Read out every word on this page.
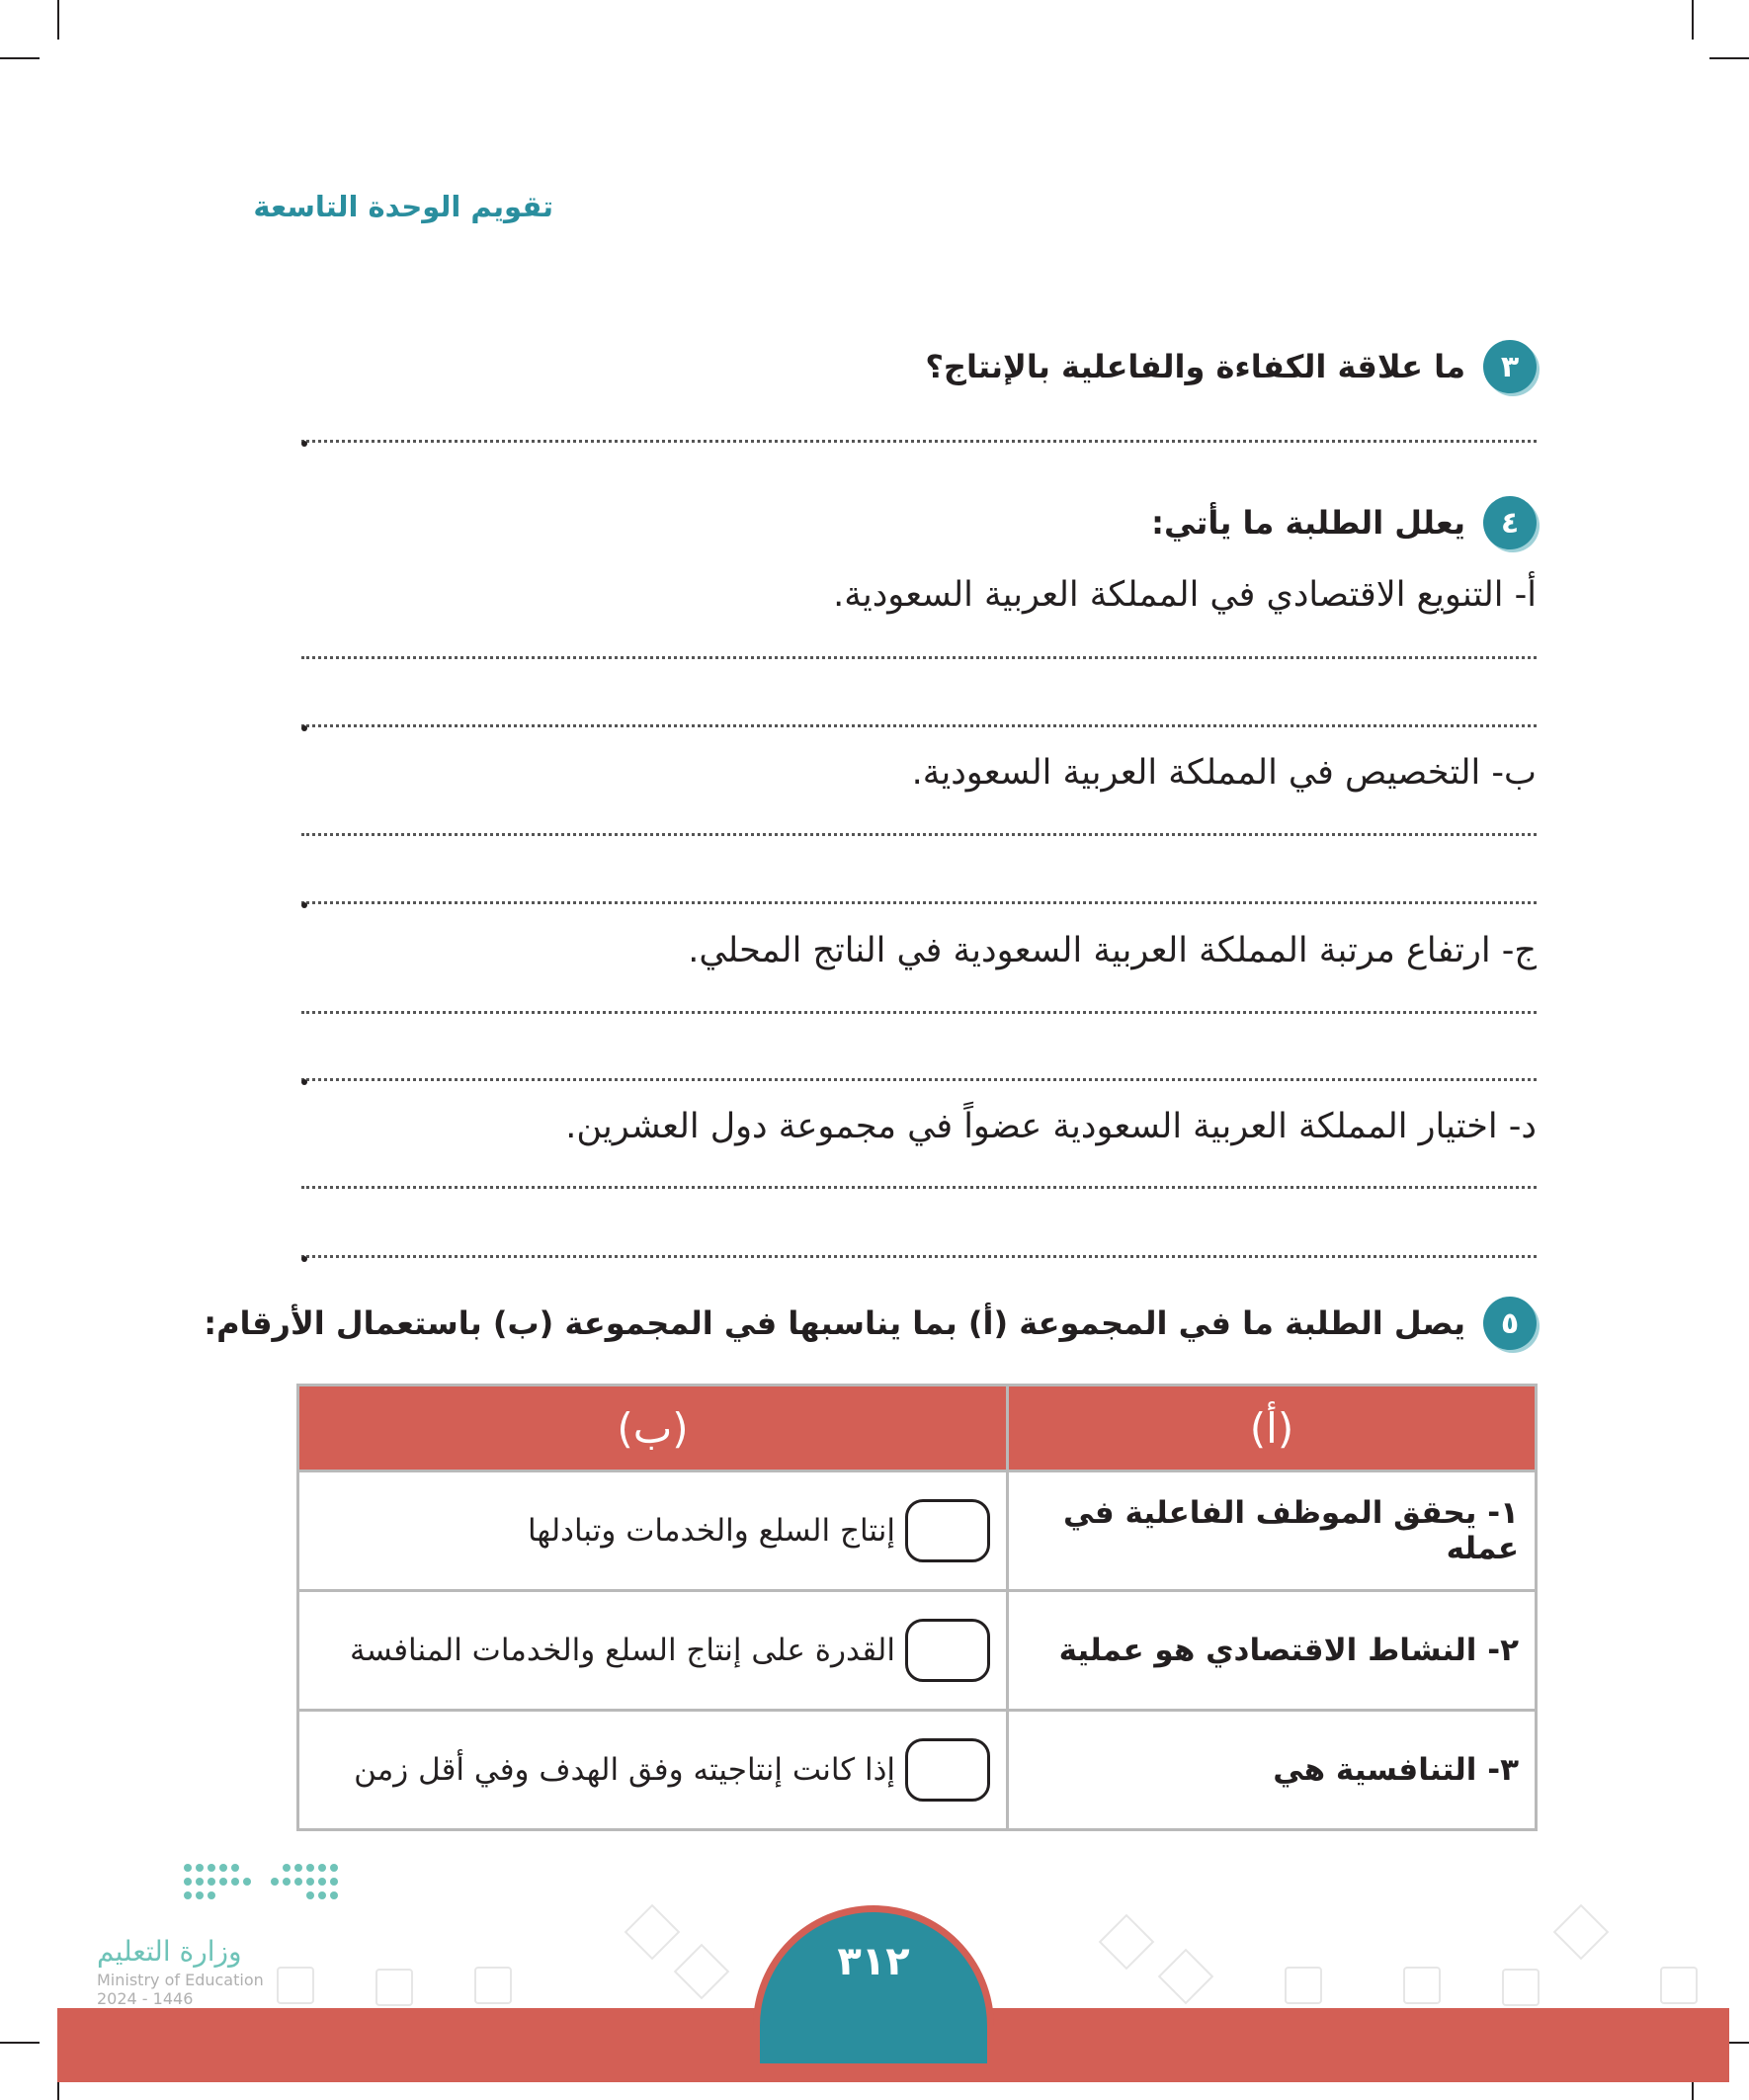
تقويم الوحدة التاسعة
٣
ما علاقة الكفاءة والفاعلية بالإنتاج؟
٤
يعلل الطلبة ما يأتي:
أ- التنويع الاقتصادي في المملكة العربية السعودية.
ب- التخصيص في المملكة العربية السعودية.
ج- ارتفاع مرتبة المملكة العربية السعودية في الناتج المحلي.
د- اختيار المملكة العربية السعودية عضواً في مجموعة دول العشرين.
٥
يصل الطلبة ما في المجموعة (أ) بما يناسبها في المجموعة (ب) باستعمال الأرقام:
(أ)	(ب)
١- يحقق الموظف الفاعلية في عمله	إنتاج السلع والخدمات وتبادلها

٢- النشاط الاقتصادي هو عملية	القدرة على إنتاج السلع والخدمات المنافسة

٣- التنافسية هي	إذا كانت إنتاجيته وفق الهدف وفي أقل زمن
وزارة التعليم
Ministry of Education
2024 - 1446
٣١٢
